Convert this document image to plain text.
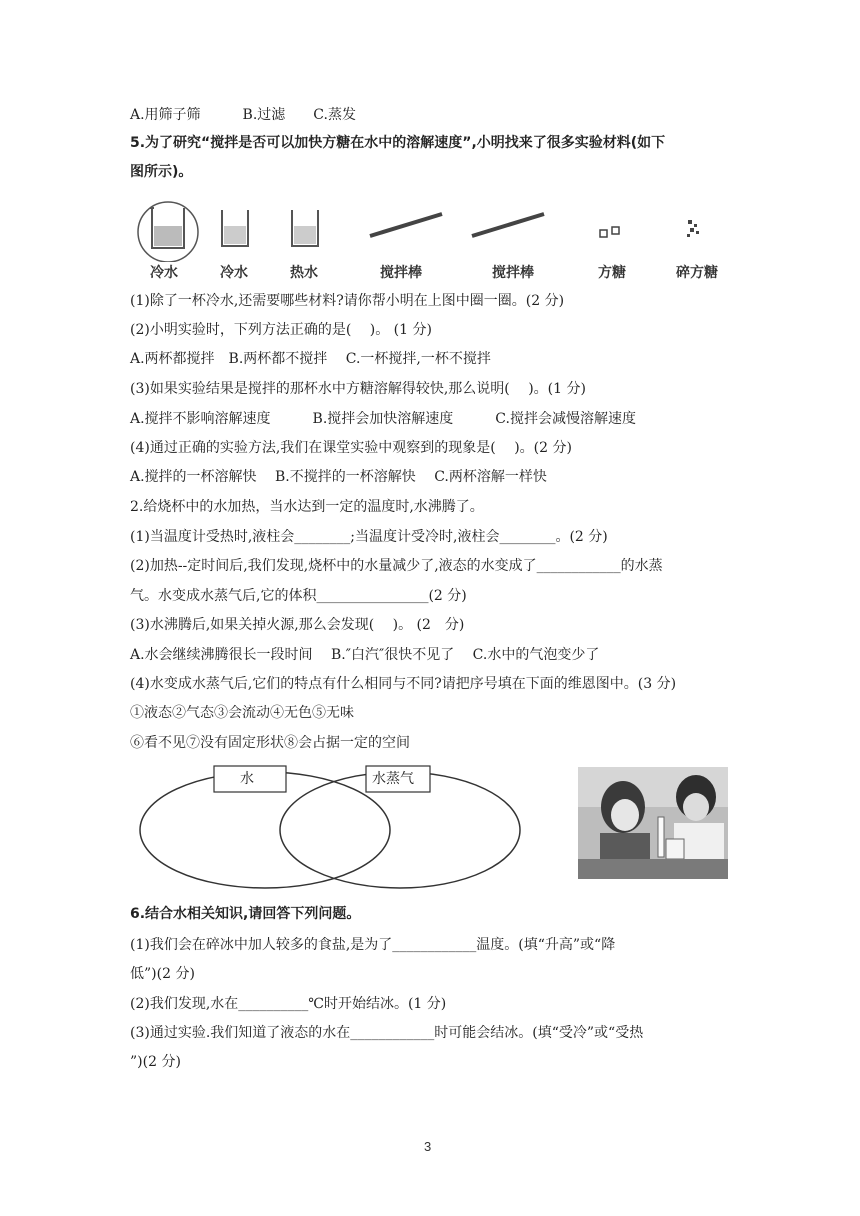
A.用筛子筛　　　B.过滤　　C.蒸发
5.为了研究“搅拌是否可以加快方糖在水中的溶解速度”,小明找来了很多实验材料(如下
图所示)。
冷水	冷水	热水	搅拌棒	搅拌棒	方糖	碎方糖
(1)除了一杯冷水,还需要哪些材料?请你帮小明在上图中圈一圈。(2 分)
(2)小明实验时，下列方法正确的是(　 )。 (1 分)
A.两杯都搅拌　B.两杯都不搅拌　 C.一杯搅拌,一杯不搅拌
(3)如果实验结果是搅拌的那杯水中方糖溶解得较快,那么说明(　 )。(1 分)
A.搅拌不影响溶解速度　　　B.搅拌会加快溶解速度　　　C.搅拌会减慢溶解速度
(4)通过正确的实验方法,我们在课堂实验中观察到的现象是(　 )。(2 分)
A.搅拌的一杯溶解快　 B.不搅拌的一杯溶解快　 C.两杯溶解一样快
2.给烧杯中的水加热，当水达到一定的温度时,水沸腾了。
(1)当温度计受热时,液柱会________;当温度计受冷时,液柱会________。(2 分)
(2)加热--定时间后,我们发现,烧杯中的水量减少了,液态的水变成了____________的水蒸
气。水变成水蒸气后,它的体积________________(2 分)
(3)水沸腾后,如果关掉火源,那么会发现(　 )。 (2　分)
A.水会继续沸腾很长一段时间　 B.″白汽″很快不见了　 C.水中的气泡变少了
(4)水变成水蒸气后,它们的特点有什么相同与不同?请把序号填在下面的维恩图中。(3 分)
①液态②气态③会流动④无色⑤无味
⑥看不见⑦没有固定形状⑧会占据一定的空间
水	水蒸气
6.结合水相关知识,请回答下列问题。
(1)我们会在碎冰中加人较多的食盐,是为了____________温度。(填“升高”或“降
低”)(2 分)
(2)我们发现,水在__________℃时开始结冰。(1 分)
(3)通过实验.我们知道了液态的水在____________时可能会结冰。(填“受冷”或“受热
”)(2 分)
3
